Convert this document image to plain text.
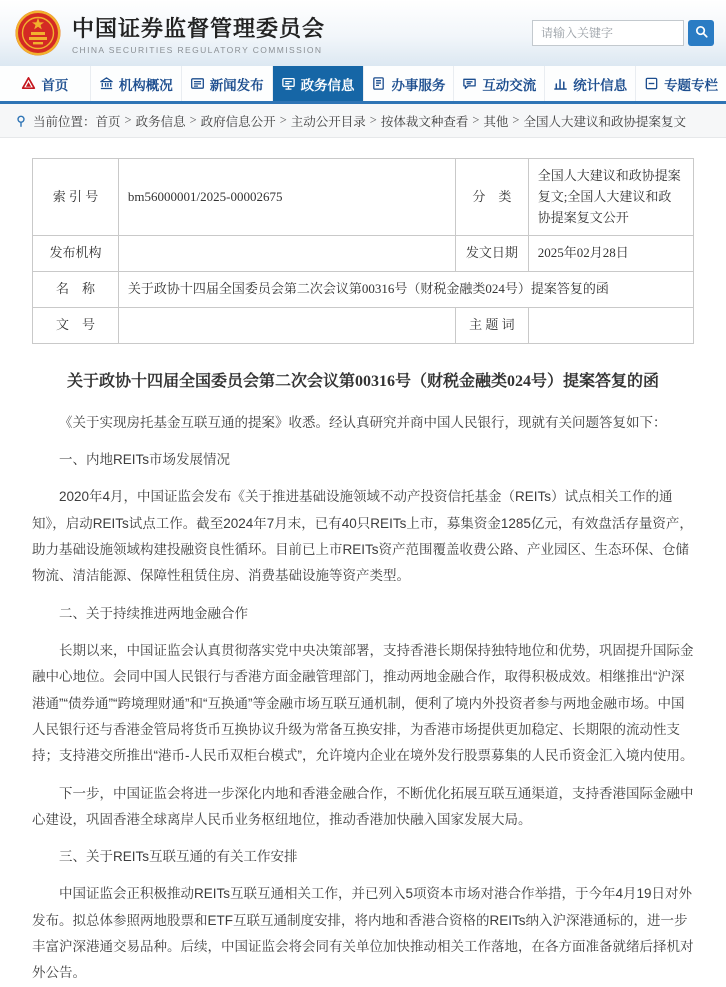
中国证券监督管理委员会
CHINA SECURITIES REGULATORY COMMISSION
请输入关键字
首页	机构概况	新闻发布	政务信息	办事服务	互动交流	统计信息	专题专栏
当前位置： 首页 > 政务信息 > 政府信息公开 > 主动公开目录 > 按体裁文种查看 > 其他 > 全国人大建议和政协提案复文
索 引 号	bm56000001/2025-00002675	分　类	全国人大建议和政协提案复文;全国人大建议和政协提案复文公开
发布机构		发文日期	2025年02月28日
名　称	关于政协十四届全国委员会第二次会议第00316号（财税金融类024号）提案答复的函		
文　号		主 题 词	
关于政协十四届全国委员会第二次会议第00316号（财税金融类024号）提案答复的函

《关于实现房托基金互联互通的提案》收悉。经认真研究并商中国人民银行，现就有关问题答复如下：

一、内地REITs市场发展情况

2020年4月，中国证监会发布《关于推进基础设施领域不动产投资信托基金（REITs）试点相关工作的通知》，启动REITs试点工作。截至2024年7月末，已有40只REITs上市，募集资金1285亿元，有效盘活存量资产，助力基础设施领域构建投融资良性循环。目前已上市REITs资产范围覆盖收费公路、产业园区、生态环保、仓储物流、清洁能源、保障性租赁住房、消费基础设施等资产类型。

二、关于持续推进两地金融合作

长期以来，中国证监会认真贯彻落实党中央决策部署，支持香港长期保持独特地位和优势，巩固提升国际金融中心地位。会同中国人民银行与香港方面金融管理部门，推动两地金融合作，取得积极成效。相继推出“沪深港通”“债券通”“跨境理财通”和“互换通”等金融市场互联互通机制，便利了境内外投资者参与两地金融市场。中国人民银行还与香港金管局将货币互换协议升级为常备互换安排，为香港市场提供更加稳定、长期限的流动性支持；支持港交所推出“港币-人民币双柜台模式”，允许境内企业在境外发行股票募集的人民币资金汇入境内使用。

下一步，中国证监会将进一步深化内地和香港金融合作，不断优化拓展互联互通渠道，支持香港国际金融中心建设，巩固香港全球离岸人民币业务枢纽地位，推动香港加快融入国家发展大局。

三、关于REITs互联互通的有关工作安排

中国证监会正积极推动REITs互联互通相关工作，并已列入5项资本市场对港合作举措，于今年4月19日对外发布。拟总体参照两地股票和ETF互联互通制度安排，将内地和香港合资格的REITs纳入沪深港通标的，进一步丰富沪深港通交易品种。后续，中国证监会将会同有关单位加快推动相关工作落地，在各方面准备就绪后择机对外公告。
